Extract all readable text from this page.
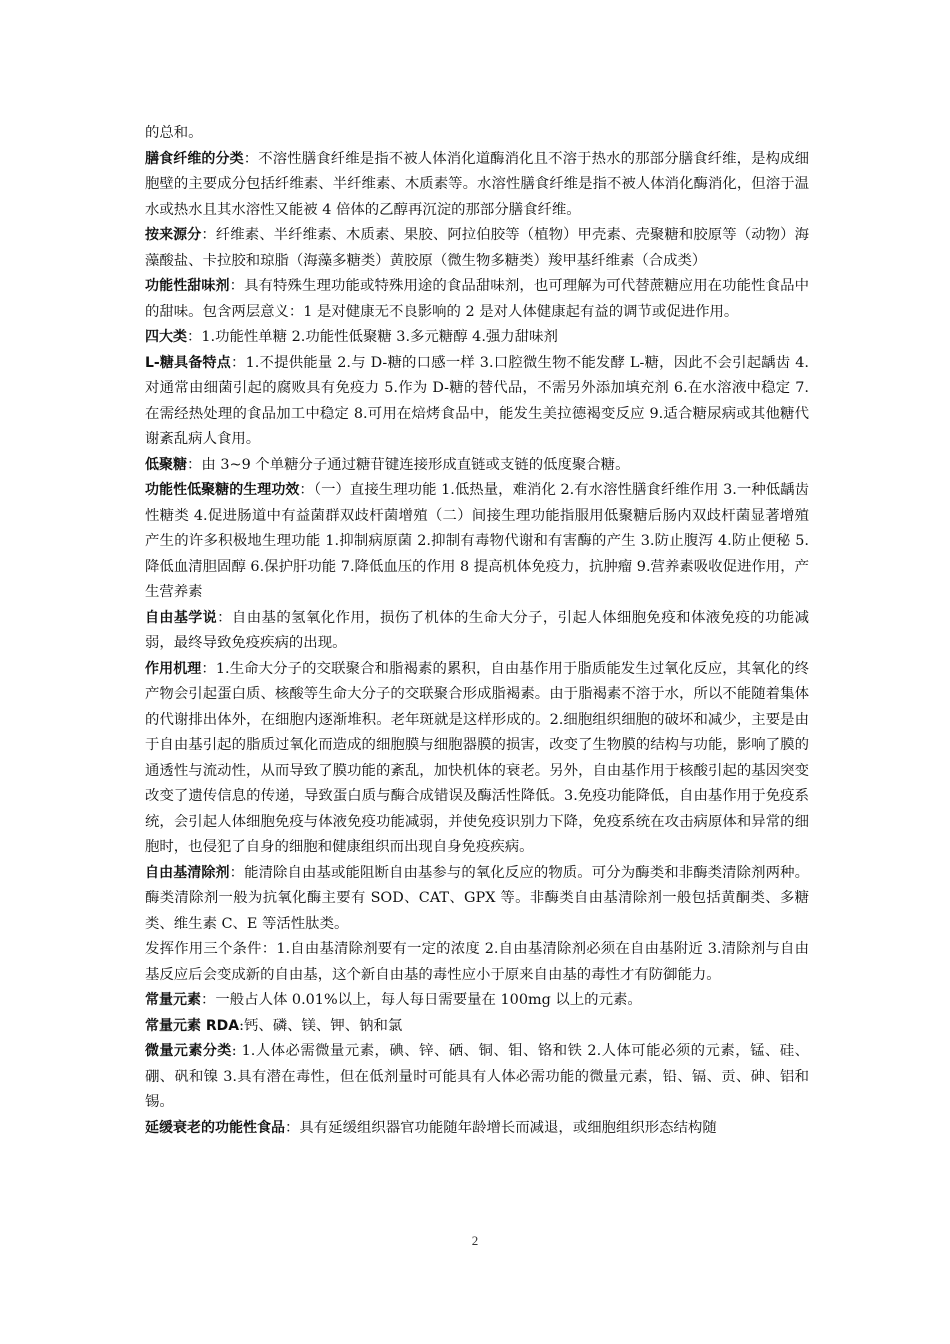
的总和。

膳食纤维的分类：不溶性膳食纤维是指不被人体消化道酶消化且不溶于热水的那部分膳食纤维，是构成细胞壁的主要成分包括纤维素、半纤维素、木质素等。水溶性膳食纤维是指不被人体消化酶消化，但溶于温水或热水且其水溶性又能被 4 倍体的乙醇再沉淀的那部分膳食纤维。

按来源分：纤维素、半纤维素、木质素、果胶、阿拉伯胶等（植物）甲壳素、壳聚糖和胶原等（动物）海藻酸盐、卡拉胶和琼脂（海藻多糖类）黄胶原（微生物多糖类）羧甲基纤维素（合成类）

功能性甜味剂：具有特殊生理功能或特殊用途的食品甜味剂，也可理解为可代替蔗糖应用在功能性食品中的甜味。包含两层意义：1 是对健康无不良影响的 2 是对人体健康起有益的调节或促进作用。

四大类：1.功能性单糖 2.功能性低聚糖 3.多元糖醇 4.强力甜味剂

L-糖具备特点：1.不提供能量 2.与 D-糖的口感一样 3.口腔微生物不能发酵 L-糖，因此不会引起龋齿 4.对通常由细菌引起的腐败具有免疫力 5.作为 D-糖的替代品，不需另外添加填充剂 6.在水溶液中稳定 7.在需经热处理的食品加工中稳定 8.可用在焙烤食品中，能发生美拉德褐变反应 9.适合糖尿病或其他糖代谢紊乱病人食用。

低聚糖：由 3~9 个单糖分子通过糖苷键连接形成直链或支链的低度聚合糖。

功能性低聚糖的生理功效：（一）直接生理功能 1.低热量，难消化 2.有水溶性膳食纤维作用 3.一种低龋齿性糖类 4.促进肠道中有益菌群双歧杆菌增殖（二）间接生理功能指服用低聚糖后肠内双歧杆菌显著增殖产生的许多积极地生理功能 1.抑制病原菌 2.抑制有毒物代谢和有害酶的产生 3.防止腹泻 4.防止便秘 5.降低血清胆固醇 6.保护肝功能 7.降低血压的作用 8 提高机体免疫力，抗肿瘤 9.营养素吸收促进作用，产生营养素

自由基学说：自由基的氢氧化作用，损伤了机体的生命大分子，引起人体细胞免疫和体液免疫的功能减弱，最终导致免疫疾病的出现。

作用机理：1.生命大分子的交联聚合和脂褐素的累积，自由基作用于脂质能发生过氧化反应，其氧化的终产物会引起蛋白质、核酸等生命大分子的交联聚合形成脂褐素。由于脂褐素不溶于水，所以不能随着集体的代谢排出体外，在细胞内逐渐堆积。老年斑就是这样形成的。2.细胞组织细胞的破坏和减少，主要是由于自由基引起的脂质过氧化而造成的细胞膜与细胞器膜的损害，改变了生物膜的结构与功能，影响了膜的通透性与流动性，从而导致了膜功能的紊乱，加快机体的衰老。另外，自由基作用于核酸引起的基因突变改变了遗传信息的传递，导致蛋白质与酶合成错误及酶活性降低。3.免疫功能降低，自由基作用于免疫系统，会引起人体细胞免疫与体液免疫功能减弱，并使免疫识别力下降，免疫系统在攻击病原体和异常的细胞时，也侵犯了自身的细胞和健康组织而出现自身免疫疾病。

自由基清除剂：能清除自由基或能阻断自由基参与的氧化反应的物质。可分为酶类和非酶类清除剂两种。酶类清除剂一般为抗氧化酶主要有 SOD、CAT、GPX 等。非酶类自由基清除剂一般包括黄酮类、多糖类、维生素 C、E 等活性肽类。

发挥作用三个条件：1.自由基清除剂要有一定的浓度 2.自由基清除剂必须在自由基附近 3.清除剂与自由基反应后会变成新的自由基，这个新自由基的毒性应小于原来自由基的毒性才有防御能力。

常量元素：一般占人体 0.01%以上，每人每日需要量在 100mg 以上的元素。

常量元素 RDA:钙、磷、镁、钾、钠和氯

微量元素分类: 1.人体必需微量元素，碘、锌、硒、铜、钼、铬和铁 2.人体可能必须的元素，锰、硅、硼、矾和镍 3.具有潜在毒性，但在低剂量时可能具有人体必需功能的微量元素，铅、镉、贡、砷、铝和锡。

延缓衰老的功能性食品：具有延缓组织器官功能随年龄增长而减退，或细胞组织形态结构随

2
